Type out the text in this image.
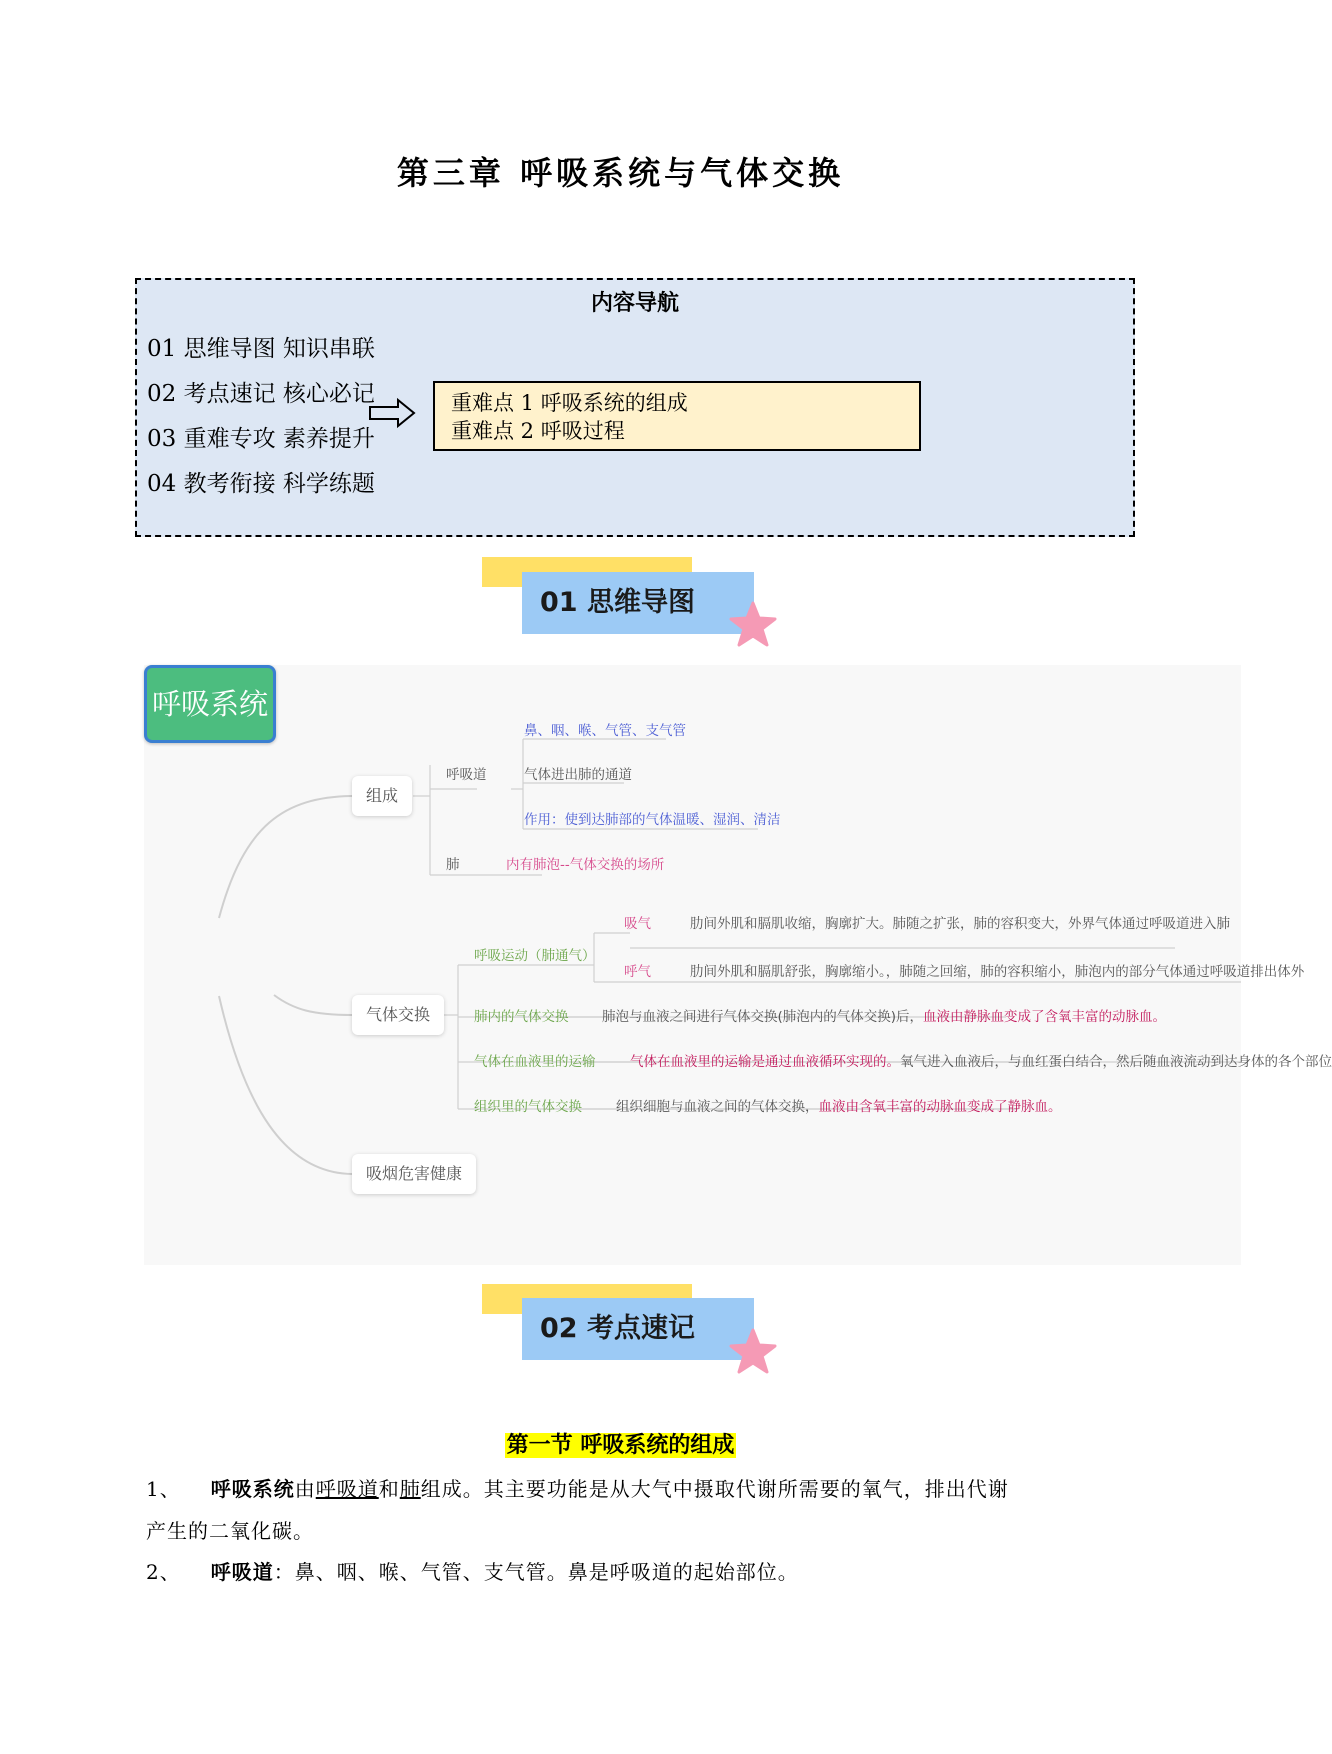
第三章 呼吸系统与气体交换
内容导航
01 思维导图 知识串联
02 考点速记 核心必记
03 重难专攻 素养提升
04 教考衔接 科学练题
重难点 1 呼吸系统的组成
重难点 2 呼吸过程
01 思维导图
呼吸系统
组成
气体交换
吸烟危害健康
呼吸道
鼻、咽、喉、气管、支气管
气体进出肺的通道
作用：使到达肺部的气体温暖、湿润、清洁
肺	内有肺泡--气体交换的场所
呼吸运动（肺通气）
吸气	肋间外肌和膈肌收缩，胸廓扩大。肺随之扩张，肺的容积变大，外界气体通过呼吸道进入肺
呼气	肋间外肌和膈肌舒张，胸廓缩小。，肺随之回缩，肺的容积缩小，肺泡内的部分气体通过呼吸道排出体外
肺内的气体交换 肺泡与血液之间进行气体交换(肺泡内的气体交换)后，血液由静脉血变成了含氧丰富的动脉血。
气体在血液里的运输	气体在血液里的运输是通过血液循环实现的。氧气进入血液后，与血红蛋白结合，然后随血液流动到达身体的各个部位
组织里的气体交换	组织细胞与血液之间的气体交换，血液由含氧丰富的动脉血变成了静脉血。
02 考点速记
第一节 呼吸系统的组成
1、 呼吸系统由呼吸道和肺组成。其主要功能是从大气中摄取代谢所需要的氧气，排出代谢
产生的二氧化碳。
2、 呼吸道：鼻、咽、喉、气管、支气管。鼻是呼吸道的起始部位。
